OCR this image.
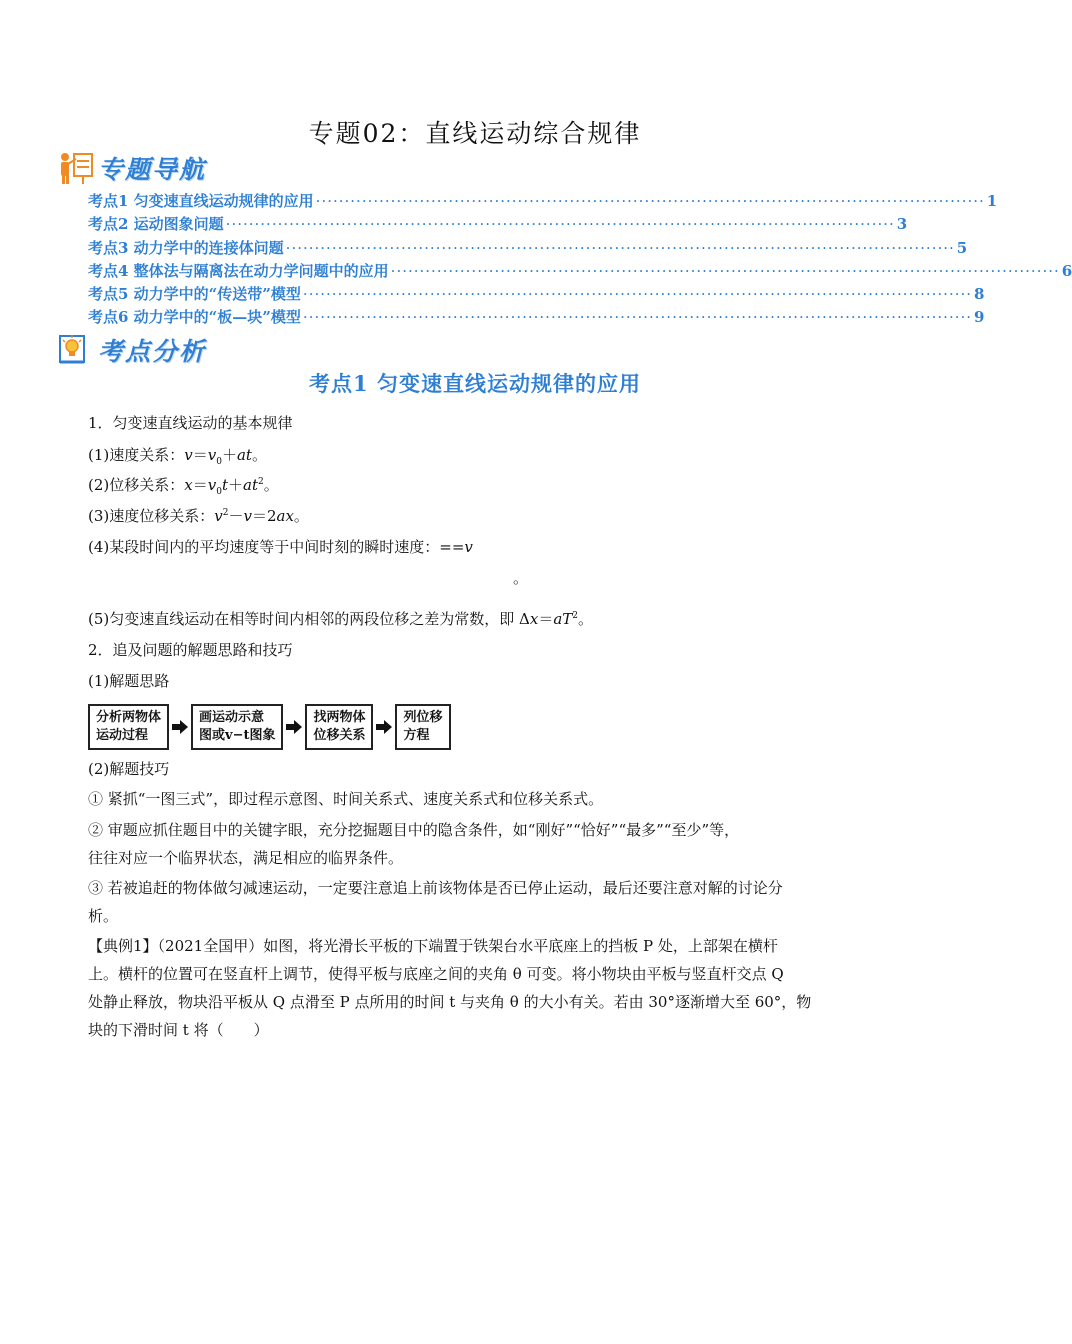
专题02：直线运动综合规律
专题导航
考点1 匀变速直线运动规律的应用 ···················································································································· 1
考点2 运动图象问题 ···················································································································· 3
考点3 动力学中的连接体问题 ···················································································································· 5
考点4 整体法与隔离法在动力学问题中的应用 ···················································································································· 6
考点5 动力学中的“传送带”模型 ···················································································································· 8
考点6 动力学中的“板—块”模型 ···················································································································· 9
考点分析
考点1 匀变速直线运动规律的应用
1．匀变速直线运动的基本规律
(1)速度关系：$v=v_0+at$。
(2)位移关系：$x=v_0t+at^2$。
(3)速度位移关系：$v^2-v=2ax$。
(4)某段时间内的平均速度等于中间时刻的瞬时速度：==v
。
(5)匀变速直线运动在相等时间内相邻的两段位移之差为常数，即 $\Delta x=aT^2$。
2．追及问题的解题思路和技巧
(1)解题思路
分析两物体
运动过程
画运动示意
图或v−t图象
找两物体
位移关系
列位移
方程
(2)解题技巧
① 紧抓“一图三式”，即过程示意图、时间关系式、速度关系式和位移关系式。
② 审题应抓住题目中的关键字眼，充分挖掘题目中的隐含条件，如“刚好”“恰好”“最多”“至少”等，
往往对应一个临界状态，满足相应的临界条件。
③ 若被追赶的物体做匀减速运动，一定要注意追上前该物体是否已停止运动，最后还要注意对解的讨论分
析。
【典例1】（2021全国甲）如图，将光滑长平板的下端置于铁架台水平底座上的挡板 P 处，上部架在横杆
上。横杆的位置可在竖直杆上调节，使得平板与底座之间的夹角 θ 可变。将小物块由平板与竖直杆交点 Q
处静止释放，物块沿平板从 Q 点滑至 P 点所用的时间 t 与夹角 θ 的大小有关。若由 30°逐渐增大至 60°，物
块的下滑时间 t 将（　　）
